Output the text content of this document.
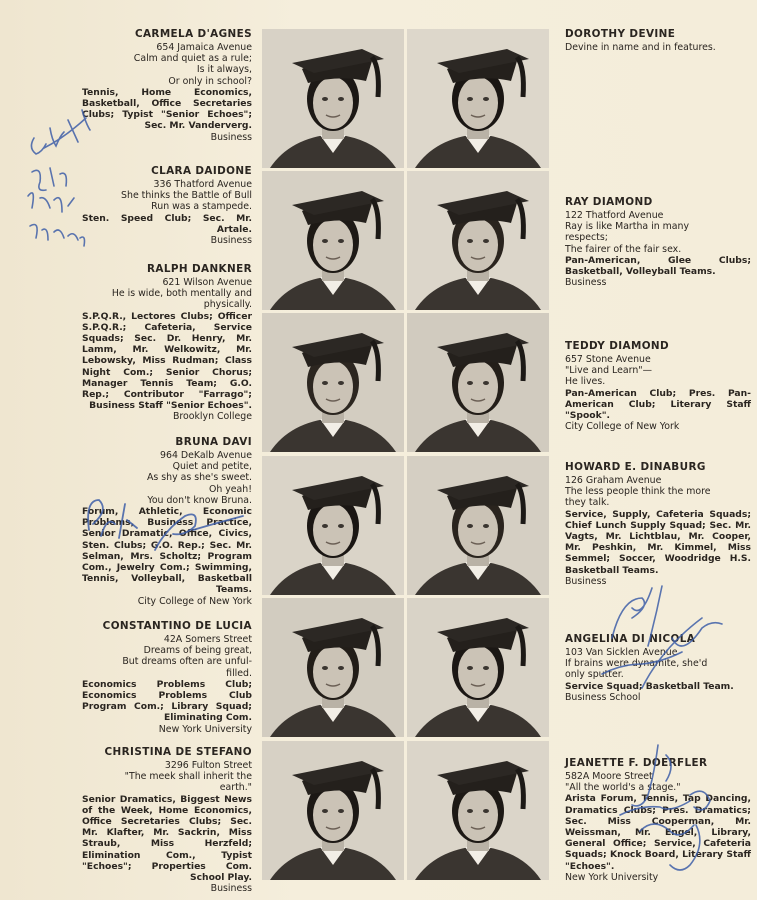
CARMELA D'AGNES
654 Jamaica Avenue
Calm and quiet as a rule;
Is it always,
Or only in school?
Tennis, Home Economics, Basketball, Office Secretaries Clubs; Typist "Senior Echoes"; Sec. Mr. Vanderverg.
Business
CLARA DAIDONE
336 Thatford Avenue
She thinks the Battle of Bull
Run was a stampede.
Sten. Speed Club; Sec. Mr. Artale.
Business
RALPH DANKNER
621 Wilson Avenue
He is wide, both mentally and
physically.
S.P.Q.R., Lectores Clubs; Officer S.P.Q.R.; Cafeteria, Service Squads; Sec. Dr. Henry, Mr. Lamm, Mr. Welkowitz, Mr. Lebowsky, Miss Rudman; Class Night Com.; Senior Chorus; Manager Tennis Team; G.O. Rep.; Contributor "Farrago"; Business Staff "Senior Echoes".
Brooklyn College
BRUNA DAVI
964 DeKalb Avenue
Quiet and petite,
As shy as she's sweet.
Oh yeah!
You don't know Bruna.
Forum, Athletic, Economic Problems, Business Practice, Senior Dramatic, Office, Civics, Sten. Clubs; G.O. Rep.; Sec. Mr. Selman, Mrs. Scholtz; Program Com., Jewelry Com.; Swimming, Tennis, Volleyball, Basketball Teams.
City College of New York
CONSTANTINO DE LUCIA
42A Somers Street
Dreams of being great,
But dreams often are unful-
filled.
Economics Problems Club; Economics Problems Club Program Com.; Library Squad; Eliminating Com.
New York University
CHRISTINA DE STEFANO
3296 Fulton Street
"The meek shall inherit the
earth."
Senior Dramatics, Biggest News of the Week, Home Economics, Office Secretaries Clubs; Sec. Mr. Klafter, Mr. Sackrin, Miss Straub, Miss Herzfeld; Elimination Com., Typist "Echoes"; Properties Com. School Play.
Business
DOROTHY DEVINE
Devine in name and in features.
RAY DIAMOND
122 Thatford Avenue
Ray is like Martha in many
respects;
The fairer of the fair sex.
Pan-American, Glee Clubs; Basketball, Volleyball Teams.
Business
TEDDY DIAMOND
657 Stone Avenue
"Live and Learn"—
He lives.
Pan-American Club; Pres. Pan-American Club; Literary Staff "Spook".
City College of New York
HOWARD E. DINABURG
126 Graham Avenue
The less people think the more
they talk.
Service, Supply, Cafeteria Squads; Chief Lunch Supply Squad; Sec. Mr. Vagts, Mr. Lichtblau, Mr. Cooper, Mr. Peshkin, Mr. Kimmel, Miss Semmel; Soccer, Woodridge H.S. Basketball Teams.
Business
ANGELINA DI NICOLA
103 Van Sicklen Avenue
If brains were dynamite, she'd
only sputter.
Service Squad; Basketball Team.
Business School
JEANETTE F. DOERFLER
582A Moore Street
"All the world's a stage."
Arista Forum, Tennis, Tap Dancing, Dramatics Clubs; Pres. Dramatics; Sec. Miss Cooperman, Mr. Weissman, Mr. Engel, Library, General Office; Service, Cafeteria Squads; Knock Board, Literary Staff "Echoes".
New York University
